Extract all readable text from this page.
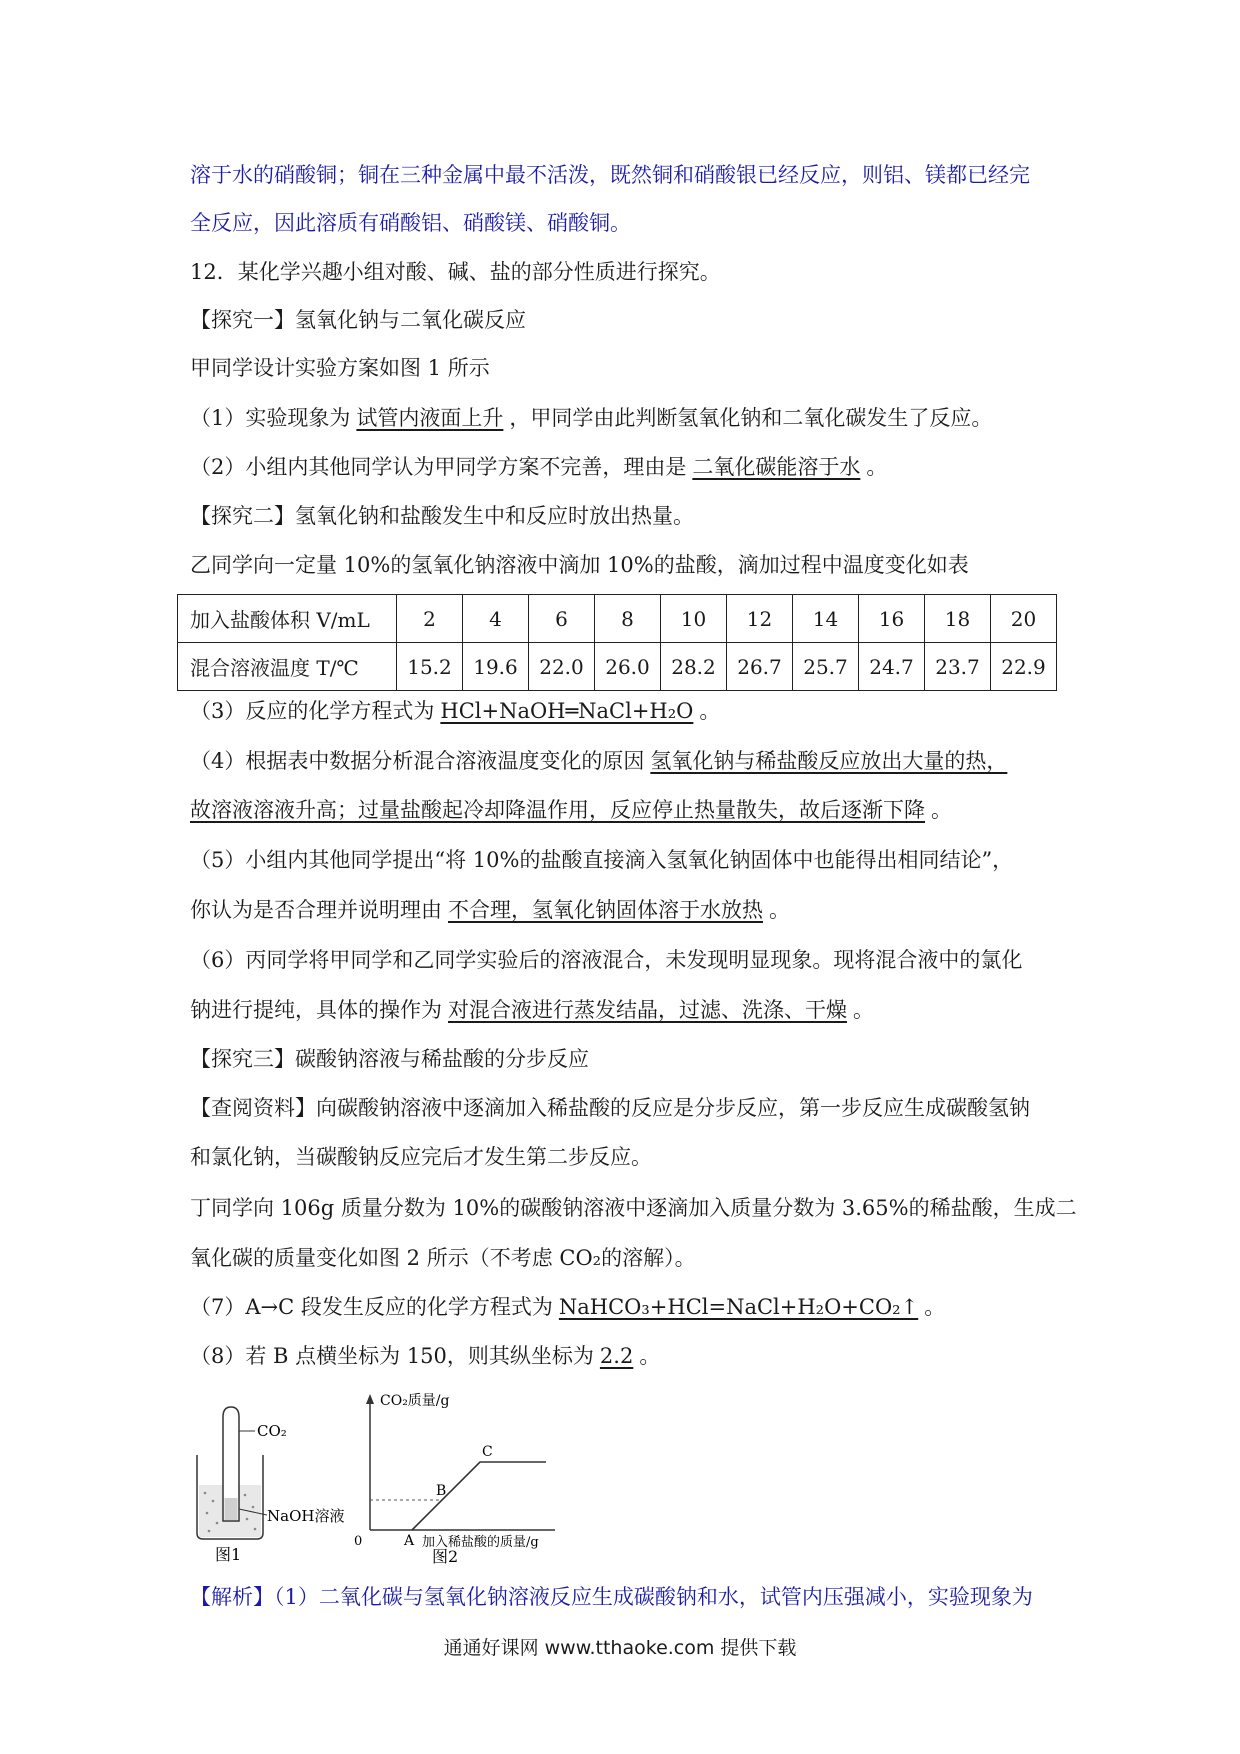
溶于水的硝酸铜；铜在三种金属中最不活泼，既然铜和硝酸银已经反应，则铝、镁都已经完
全反应，因此溶质有硝酸铝、硝酸镁、硝酸铜。
12．某化学兴趣小组对酸、碱、盐的部分性质进行探究。
【探究一】氢氧化钠与二氧化碳反应
甲同学设计实验方案如图 1 所示
（1）实验现象为 试管内液面上升 ，甲同学由此判断氢氧化钠和二氧化碳发生了反应。
（2）小组内其他同学认为甲同学方案不完善，理由是 二氧化碳能溶于水 。
【探究二】氢氧化钠和盐酸发生中和反应时放出热量。
乙同学向一定量 10%的氢氧化钠溶液中滴加 10%的盐酸，滴加过程中温度变化如表
加入盐酸体积 V/mL	2	4	6	8	10	12	14	16	18	20
混合溶液温度 T/℃	15.2	19.6	22.0	26.0	28.2	26.7	25.7	24.7	23.7	22.9
（3）反应的化学方程式为 HCl+NaOH═NaCl+H₂O 。
（4）根据表中数据分析混合溶液温度变化的原因 氢氧化钠与稀盐酸反应放出大量的热，
故溶液溶液升高；过量盐酸起冷却降温作用，反应停止热量散失，故后逐渐下降 。
（5）小组内其他同学提出“将 10%的盐酸直接滴入氢氧化钠固体中也能得出相同结论”，
你认为是否合理并说明理由 不合理，氢氧化钠固体溶于水放热 。
（6）丙同学将甲同学和乙同学实验后的溶液混合，未发现明显现象。现将混合液中的氯化
钠进行提纯，具体的操作为 对混合液进行蒸发结晶，过滤、洗涤、干燥 。
【探究三】碳酸钠溶液与稀盐酸的分步反应
【查阅资料】向碳酸钠溶液中逐滴加入稀盐酸的反应是分步反应，第一步反应生成碳酸氢钠
和氯化钠，当碳酸钠反应完后才发生第二步反应。
丁同学向 106g 质量分数为 10%的碳酸钠溶液中逐滴加入质量分数为 3.65%的稀盐酸，生成二
氧化碳的质量变化如图 2 所示（不考虑 CO₂的溶解）。
（7）A→C 段发生反应的化学方程式为 NaHCO₃+HCl=NaCl+H₂O+CO₂↑ 。
（8）若 B 点横坐标为 150，则其纵坐标为 2.2 。
CO₂
NaOH溶液
图1
CO₂质量/g
0	A
B
C
加入稀盐酸的质量/g
图2
【解析】（1）二氧化碳与氢氧化钠溶液反应生成碳酸钠和水，试管内压强减小，实验现象为
通通好课网 www.tthaoke.com 提供下载
